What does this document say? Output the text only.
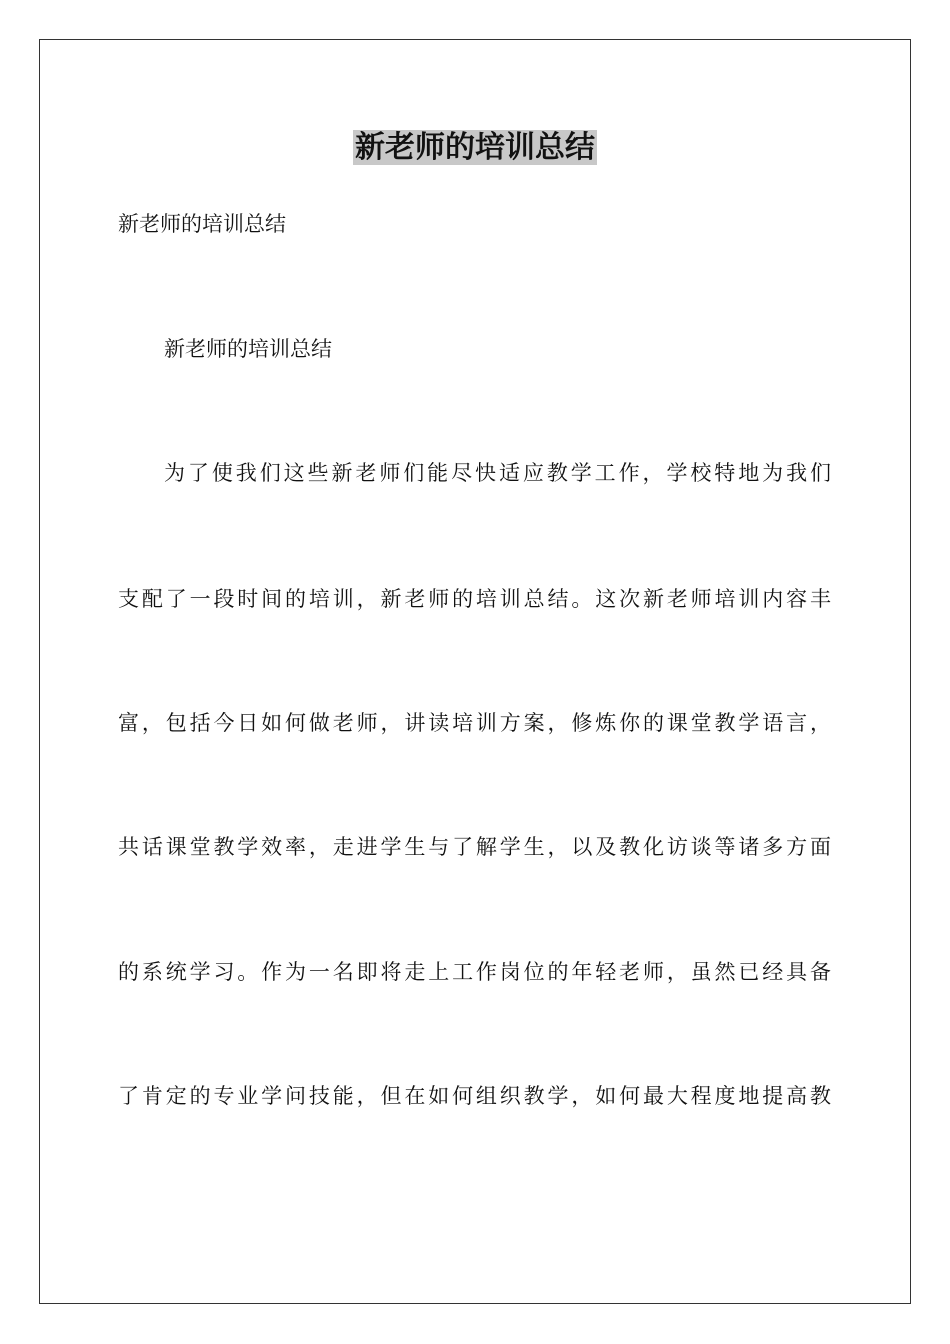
新老师的培训总结
新老师的培训总结
新老师的培训总结
为了使我们这些新老师们能尽快适应教学工作，学校特地为我们
支配了一段时间的培训，新老师的培训总结。这次新老师培训内容丰
富，包括今日如何做老师，讲读培训方案，修炼你的课堂教学语言，
共话课堂教学效率，走进学生与了解学生，以及教化访谈等诸多方面
的系统学习。作为一名即将走上工作岗位的年轻老师，虽然已经具备
了肯定的专业学问技能，但在如何组织教学，如何最大程度地提高教
